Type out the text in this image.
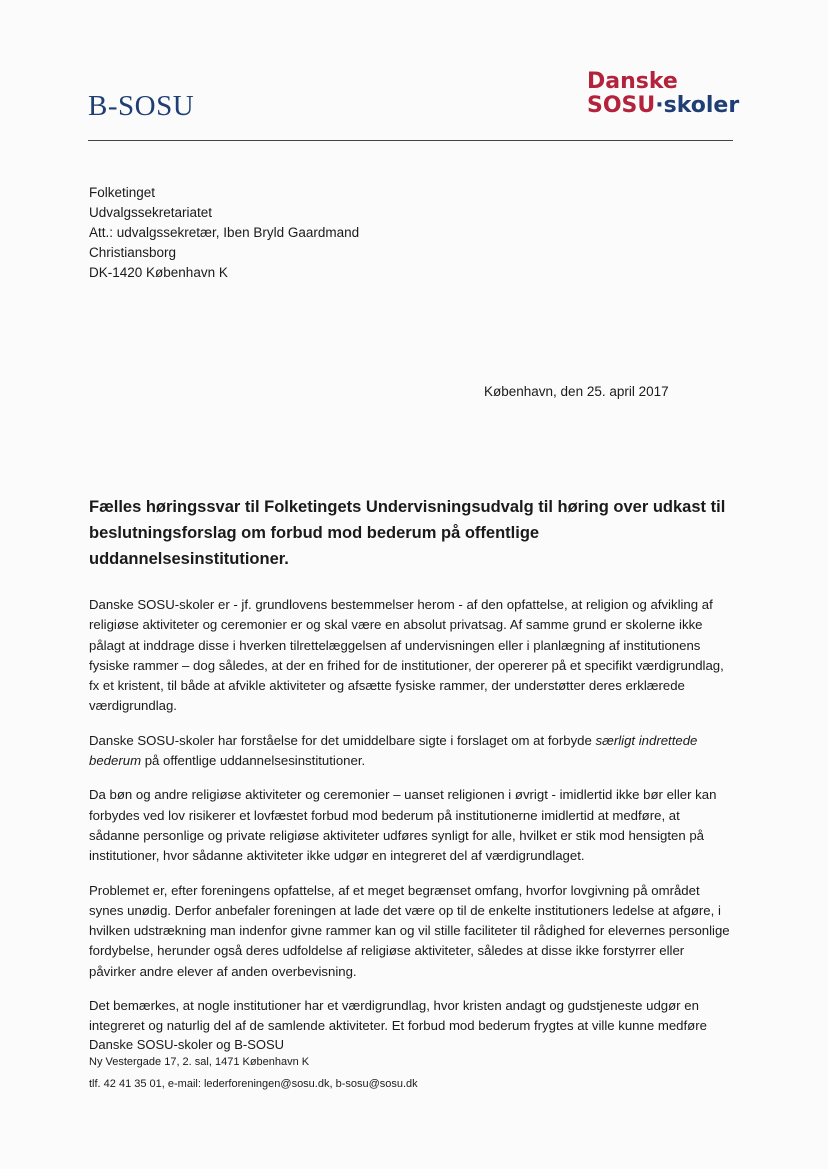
B-SOSU
Danske
SOSU·skoler
Folketinget
Udvalgssekretariatet
Att.: udvalgssekretær, Iben Bryld Gaardmand
Christiansborg
DK-1420 København K
København, den 25. april 2017
Fælles høringssvar til Folketingets Undervisningsudvalg til høring over udkast til beslutningsforslag om forbud mod bederum på offentlige uddannelsesinstitutioner.

Danske SOSU-skoler er - jf. grundlovens bestemmelser herom - af den opfattelse, at religion og afvikling af religiøse aktiviteter og ceremonier er og skal være en absolut privatsag. Af samme grund er skolerne ikke pålagt at inddrage disse i hverken tilrettelæggelsen af undervisningen eller i planlægning af institutionens fysiske rammer – dog således, at der en frihed for de institutioner, der opererer på et specifikt værdigrundlag, fx et kristent, til både at afvikle aktiviteter og afsætte fysiske rammer, der understøtter deres erklærede værdigrundlag.

Danske SOSU-skoler har forståelse for det umiddelbare sigte i forslaget om at forbyde særligt indrettede bederum på offentlige uddannelsesinstitutioner.

Da bøn og andre religiøse aktiviteter og ceremonier – uanset religionen i øvrigt - imidlertid ikke bør eller kan forbydes ved lov risikerer et lovfæstet forbud mod bederum på institutionerne imidlertid at medføre, at sådanne personlige og private religiøse aktiviteter udføres synligt for alle, hvilket er stik mod hensigten på institutioner, hvor sådanne aktiviteter ikke udgør en integreret del af værdigrundlaget.

Problemet er, efter foreningens opfattelse, af et meget begrænset omfang, hvorfor lovgivning på området synes unødig. Derfor anbefaler foreningen at lade det være op til de enkelte institutioners ledelse at afgøre, i hvilken udstrækning man indenfor givne rammer kan og vil stille faciliteter til rådighed for elevernes personlige fordybelse, herunder også deres udfoldelse af religiøse aktiviteter, således at disse ikke forstyrrer eller påvirker andre elever af anden overbevisning.

Det bemærkes, at nogle institutioner har et værdigrundlag, hvor kristen andagt og gudstjeneste udgør en integreret og naturlig del af de samlende aktiviteter. Et forbud mod bederum frygtes at ville kunne medføre

Danske SOSU-skoler og B-SOSU
Ny Vestergade 17, 2. sal, 1471 København K
tlf. 42 41 35 01, e-mail: lederforeningen@sosu.dk, b-sosu@sosu.dk
